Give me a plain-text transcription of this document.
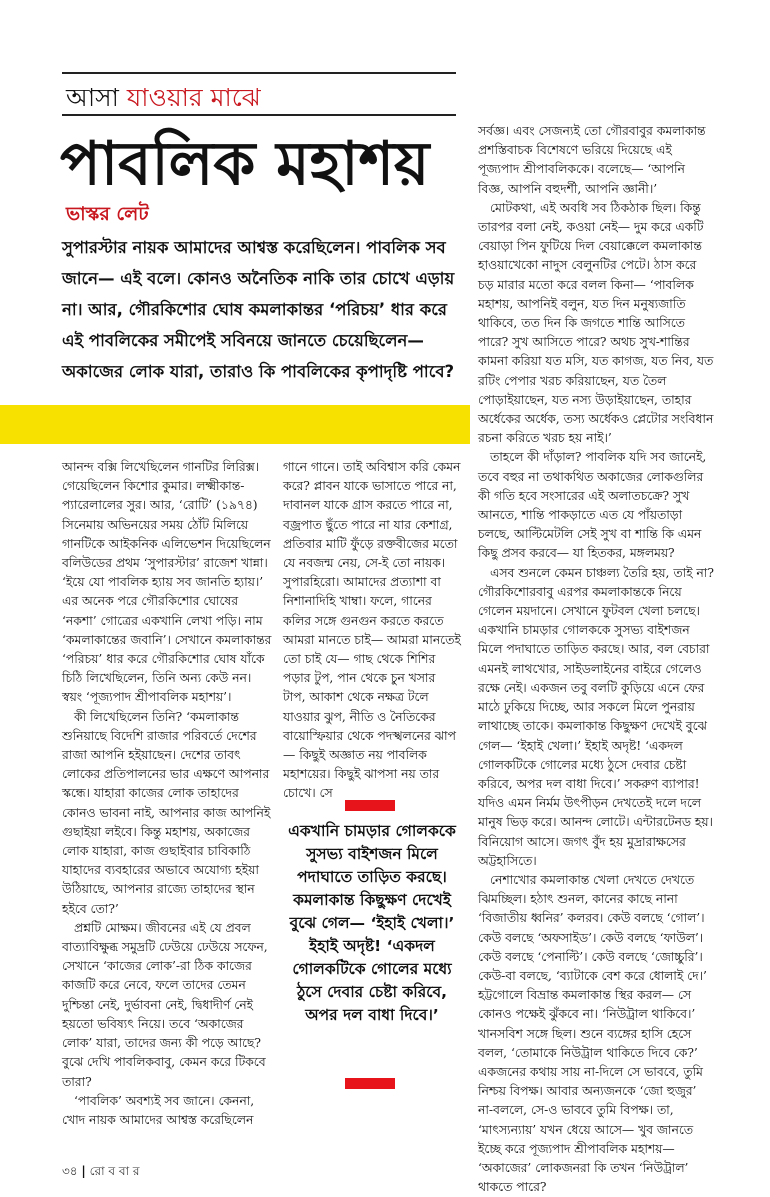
আসা যাওয়ার মাঝে
পাবলিক মহাশয়
ভাস্কর লেট

সুপারস্টার নায়ক আমাদের আশ্বস্ত করেছিলেন। পাবলিক সব জানে— এই বলে। কোনও অনৈতিক নাকি তার চোখে এড়ায় না। আর, গৌরকিশোর ঘোষ কমলাকান্তর ‘পরিচয়’ ধার করে এই পাবলিকের সমীপেই সবিনয়ে জানতে চেয়েছিলেন— অকাজের লোক যারা, তারাও কি পাবলিকের কৃপাদৃষ্টি পাবে?

আনন্দ বক্সি লিখেছিলেন গানটির লিরিক্স। গেয়েছিলেন কিশোর কুমার। লক্ষ্মীকান্ত-প্যারেলালের সুর। আর, ‘রোটি’ (১৯৭৪) সিনেমায় অভিনয়ের সময় ঠোঁট মিলিয়ে গানটিকে আইকনিক এলিভেশন দিয়েছিলেন বলিউডের প্রথম ‘সুপারস্টার’ রাজেশ খান্না। ‘ইয়ে যো পাবলিক হ্যায় সব জানতি হ্যায়।’ এর অনেক পরে গৌরকিশোর ঘোষের ‘নকশা’ গোত্রের একখানি লেখা পড়ি। নাম ‘কমলাকান্তের জবানি’। সেখানে কমলাকান্তর ‘পরিচয়’ ধার করে গৌরকিশোর ঘোষ যাঁকে চিঠি লিখেছিলেন, তিনি অন্য কেউ নন। স্বয়ং ‘পূজ্যপাদ শ্রীপাবলিক মহাশয়’।

কী লিখেছিলেন তিনি? ‘কমলাকান্ত শুনিয়াছে বিদেশি রাজার পরিবর্তে দেশের রাজা আপনি হইয়াছেন। দেশের তাবৎ লোকের প্রতিপালনের ভার এক্ষণে আপনার স্কন্ধে। যাহারা কাজের লোক তাহাদের কোনও ভাবনা নাই, আপনার কাজ আপনিই গুছাইয়া লইবে। কিন্তু মহাশয়, অকাজের লোক যাহারা, কাজ গুছাইবার চাবিকাঠি যাহাদের ব্যবহারের অভাবে অযোগ্য হইয়া উঠিয়াছে, আপনার রাজ্যে তাহাদের স্থান হইবে তো?’

প্রশ্নটি মোক্ষম। জীবনের এই যে প্রবল বাত্যাবিক্ষুব্ধ সমুদ্রটি ঢেউয়ে ঢেউয়ে সফেন, সেখানে ‘কাজের লোক’-রা ঠিক কাজের কাজটি করে নেবে, ফলে তাদের তেমন দুশ্চিন্তা নেই, দুর্ভাবনা নেই, দ্বিধাদীর্ণ নেই হয়তো ভবিষ্যৎ নিয়ে। তবে ‘অকাজের লোক’ যারা, তাদের জন্য কী পড়ে আছে? বুঝে দেখি পাবলিকবাবু, কেমন করে টিকবে তারা?

‘পাবলিক’ অবশ্যই সব জানে। কেননা, খোদ নায়ক আমাদের আশ্বস্ত করেছিলেন

গানে গানে। তাই অবিশ্বাস করি কেমন করে? প্লাবন যাকে ভাসাতে পারে না, দাবানল যাকে গ্রাস করতে পারে না, বজ্রপাত ছুঁতে পারে না যার কেশাগ্র, প্রতিবার মাটি ফুঁড়ে রক্তবীজের মতো যে নবজন্ম নেয়, সে-ই তো নায়ক। সুপারহিরো। আমাদের প্রত্যাশা বা নিশানাদিহি খাম্বা। ফলে, গানের কলির সঙ্গে গুনগুন করতে করতে আমরা মানতে চাই— আমরা মানতেই তো চাই যে— গাছ থেকে শিশির পড়ার টুপ, পান থেকে চুন খসার টাপ, আকাশ থেকে নক্ষত্র টলে যাওয়ার ঝুপ, নীতি ও নৈতিকের বায়োস্ফিয়ার থেকে পদস্খলনের ঝাপ— কিছুই অজ্ঞাত নয় পাবলিক মহাশয়ের। কিছুই ঝাপসা নয় তার চোখে। সে

একখানি চামড়ার গোলককে সুসভ্য বাইশজন মিলে পদাঘাতে তাড়িত করছে। কমলাকান্ত কিছুক্ষণ দেখেই বুঝে গেল— ‘ইহাই খেলা।’ ইহাই অদৃষ্ট! ‘একদল গোলকটিকে গোলের মধ্যে ঠুসে দেবার চেষ্টা করিবে, অপর দল বাধা দিবে।’

সর্বজ্ঞ। এবং সেজন্যই তো গৌরবাবুর কমলাকান্ত প্রশস্তিবাচক বিশেষণে ভরিয়ে দিয়েছে এই পূজ্যপাদ শ্রীপাবলিককে। বলেছে— ‘আপনি বিজ্ঞ, আপনি বহুদর্শী, আপনি জ্ঞানী।’

মোটকথা, এই অবধি সব ঠিকঠাক ছিল। কিন্তু তারপর বলা নেই, কওয়া নেই— দুম করে একটি বেয়াড়া পিন ফুটিয়ে দিল বেয়াক্কেলে কমলাকান্ত হাওয়াখেকো নাদুস বেলুনটির পেটে। ঠাস করে চড় মারার মতো করে বলল কিনা— ‘পাবলিক মহাশয়, আপনিই বলুন, যত দিন মনুষ্যজাতি থাকিবে, তত দিন কি জগতে শান্তি আসিতে পারে? সুখ আসিতে পারে? অথচ সুখ-শান্তির কামনা করিয়া যত মসি, যত কাগজ, যত নিব, যত রটিং পেপার খরচ করিয়াছেন, যত তৈল পোড়াইয়াছেন, যত নস্য উড়াইয়াছেন, তাহার অর্ধেকের অর্ধেক, তস্য অর্ধেকও প্লেটোর সংবিধান রচনা করিতে খরচ হয় নাই।’

তাহলে কী দাঁড়াল? পাবলিক যদি সব জানেই, তবে বহুর না তথাকথিত অকাজের লোকগুলির কী গতি হবে সংসারের এই অলাতচক্রে? সুখ আনতে, শান্তি পাকড়াতে এত যে পাঁয়তাড়া চলছে, আল্টিমেটলি সেই সুখ বা শান্তি কি এমন কিছু প্রসব করবে— যা হিতকর, মঙ্গলময়?

এসব শুনলে কেমন চাঞ্চল্য তৈরি হয়, তাই না? গৌরকিশোরবাবু এরপর কমলাকান্তকে নিয়ে গেলেন ময়দানে। সেখানে ফুটবল খেলা চলছে। একখানি চামড়ার গোলককে সুসভ্য বাইশজন মিলে পদাঘাতে তাড়িত করছে। আর, বল বেচারা এমনই লাথখোর, সাইডলাইনের বাইরে গেলেও রক্ষে নেই। একজন তবু বলটি কুড়িয়ে এনে ফের মাঠে ঢুকিয়ে দিচ্ছে, আর সকলে মিলে পুনরায় লাথাচ্ছে তাকে। কমলাকান্ত কিছুক্ষণ দেখেই বুঝে গেল— ‘ইহাই খেলা।’ ইহাই অদৃষ্ট! ‘একদল গোলকটিকে গোলের মধ্যে ঠুসে দেবার চেষ্টা করিবে, অপর দল বাধা দিবে।’ সকরুণ ব্যাপার! যদিও এমন নির্মম উৎপীড়ন দেখতেই দলে দলে মানুষ ভিড় করে। আনন্দ লোটে। এন্টারটেনড হয়। বিনিয়োগ আসে। জগৎ বুঁদ হয় মুদ্রারাক্ষসের অট্টহাসিতে।

নেশাখোর কমলাকান্ত খেলা দেখতে দেখতে ঝিমচ্ছিল। হঠাৎ শুনল, কানের কাছে নানা ‘বিজাতীয় ধ্বনির’ কলরব। কেউ বলছে ‘গোল’। কেউ বলছে ‘অফসাইড’। কেউ বলছে ‘ফাউল’। কেউ বলছে ‘পেনাল্টি’। কেউ বলছে ‘জোচ্চুরি’। কেউ-বা বলছে, ‘ব্যাটাকে বেশ করে ধোলাই দে।’ হট্টগোলে বিভ্রান্ত কমলাকান্ত স্থির করল— সে কোনও পক্ষেই ঝুঁকবে না। ‘নিউট্রাল থাকিবে।’ খানসবিশ সঙ্গে ছিল। শুনে ব্যঙ্গের হাসি হেসে বলল, ‘তোমাকে নিউট্রাল থাকিতে দিবে কে?’ একজনের কথায় সায় না-দিলে সে ভাববে, তুমি নিশ্চয় বিপক্ষ। আবার অন্যজনকে ‘জো হুজুর’ না-বললে, সে-ও ভাববে তুমি বিপক্ষ। তা, ‘মাৎস্যন্যায়’ যখন ধেয়ে আসে— খুব জানতে ইচ্ছে করে পূজ্যপাদ শ্রীপাবলিক মহাশয়— ‘অকাজের’ লোকজনরা কি তখন ‘নিউট্রাল’ থাকতে পারে?

৩৪ | রো ব বা র
